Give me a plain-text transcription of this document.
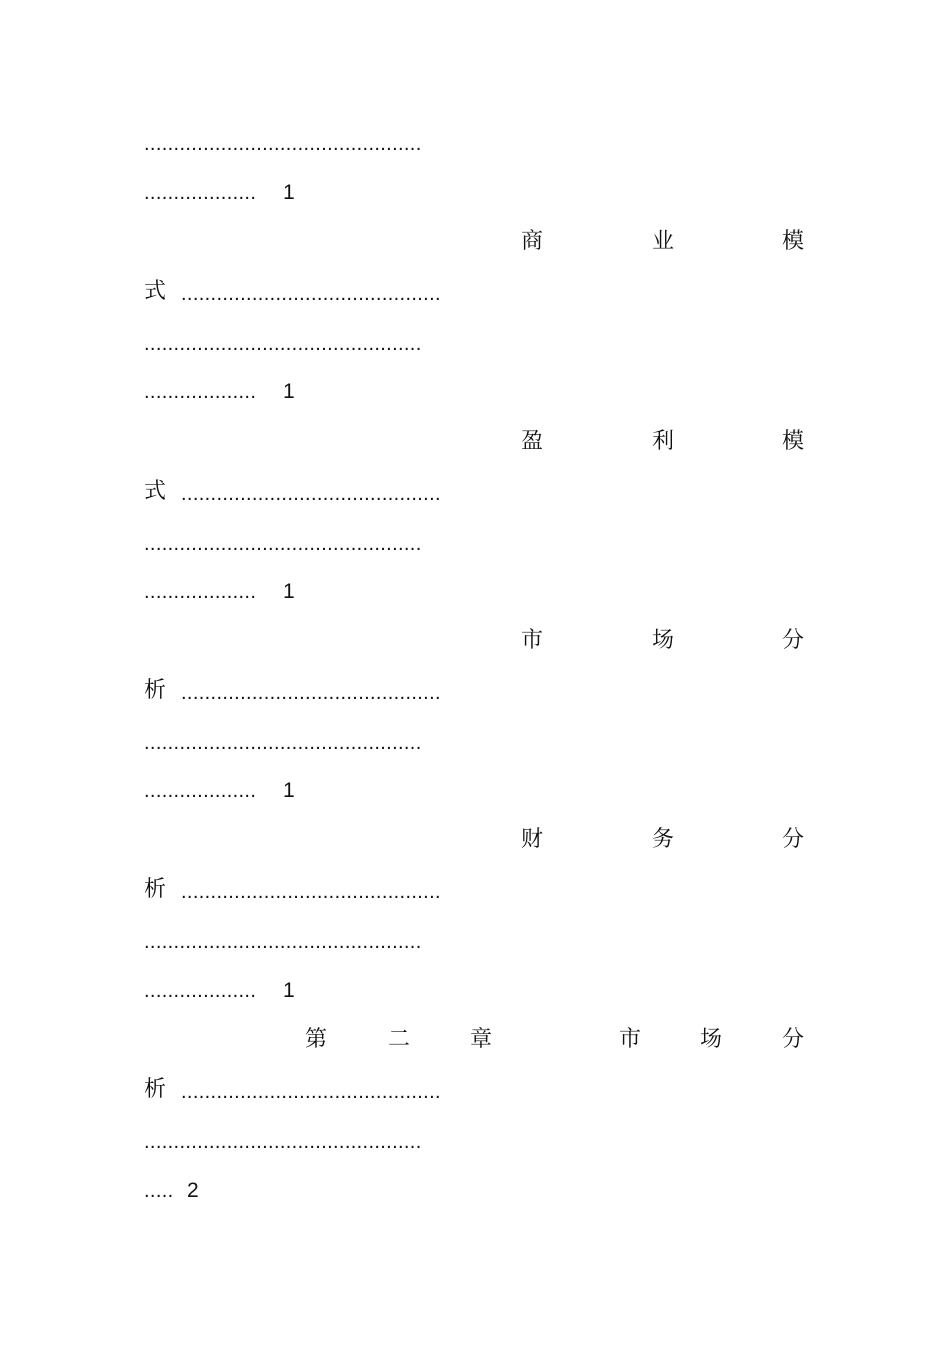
...............................................
................... 1
商	业	模
式 ............................................
...............................................
................... 1
盈	利	模
式 ............................................
...............................................
................... 1
市	场	分
析 ............................................
...............................................
................... 1
财	务	分
析 ............................................
...............................................
................... 1
第	二	章	市	场	分
析 ............................................
...............................................
..... 2
